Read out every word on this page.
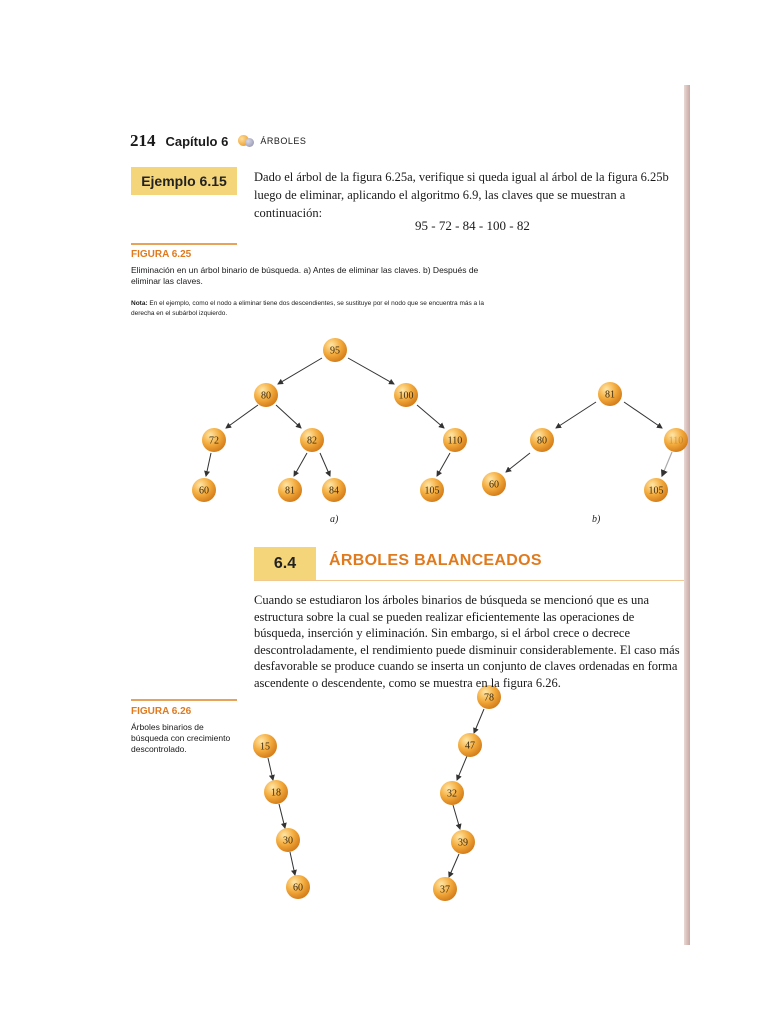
214 Capítulo 6	ÁRBOLES
Ejemplo 6.15	Dado el árbol de la figura 6.25a, verifique si queda igual al árbol de la figura 6.25b luego de eliminar, aplicando el algoritmo 6.9, las claves que se muestran a continuación:
95 - 72 - 84 - 100 - 82
FIGURA 6.25
Eliminación en un árbol binario de búsqueda. a) Antes de eliminar las claves. b) Después de eliminar las claves.
Nota: En el ejemplo, como el nodo a eliminar tiene dos descendientes, se sustituye por el nodo que se encuentra más a la derecha en el subárbol izquierdo.
95
80	100
72	82	110
60	81	84	105
81
80	110
60
105
a)	b)
15
18
30
60
78
47
32
39
37
6.4	ÁRBOLES BALANCEADOS
Cuando se estudiaron los árboles binarios de búsqueda se mencionó que es una estructura sobre la cual se pueden realizar eficientemente las operaciones de búsqueda, inserción y eliminación. Sin embargo, si el árbol crece o decrece descontroladamente, el rendimiento puede disminuir considerablemente. El caso más desfavorable se produce cuando se inserta un conjunto de claves ordenadas en forma ascendente o descendente, como se muestra en la figura 6.26.
FIGURA 6.26
Árboles binarios de búsqueda con crecimiento descontrolado.
